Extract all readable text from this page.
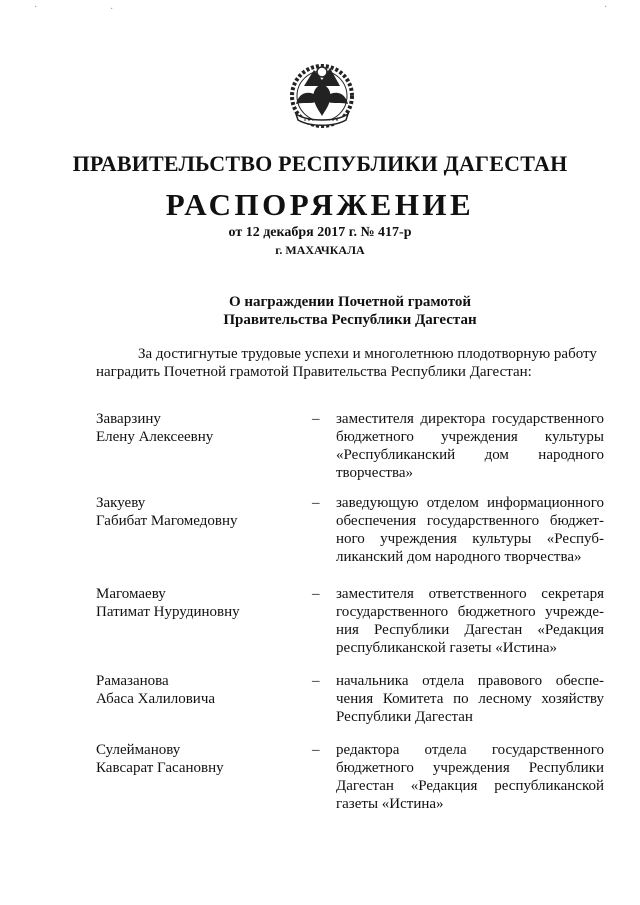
·	·	·
ПРАВИТЕЛЬСТВО РЕСПУБЛИКИ ДАГЕСТАН
РАСПОРЯЖЕНИЕ
от 12 декабря 2017 г. № 417-р
г. МАХАЧКАЛА
О награждении Почетной грамотой
Правительства Республики Дагестан
За достигнутые трудовые успехи и многолетнюю плодотворную работу
наградить Почетной грамотой Правительства Республики Дагестан:
Заварзину
Елену Алексеевну
– заместителя директора государственного бюджетного учреждения культуры «Республиканский дом народного творчества»
Закуеву
Габибат Магомедовну
– заведующую отделом информационного обеспечения государственного бюджетного учреждения культуры «Республиканский дом народного творчества»
Магомаеву
Патимат Нурудиновну
– заместителя ответственного секретаря государственного бюджетного учреждения Республики Дагестан «Редакция республиканской газеты «Истина»
Рамазанова
Абаса Халиловича
– начальника отдела правового обеспечения Комитета по лесному хозяйству Республики Дагестан
Сулейманову
Кавсарат Гасановну
– редактора отдела государственного бюджетного учреждения Республики Дагестан «Редакция республиканской газеты «Истина»
